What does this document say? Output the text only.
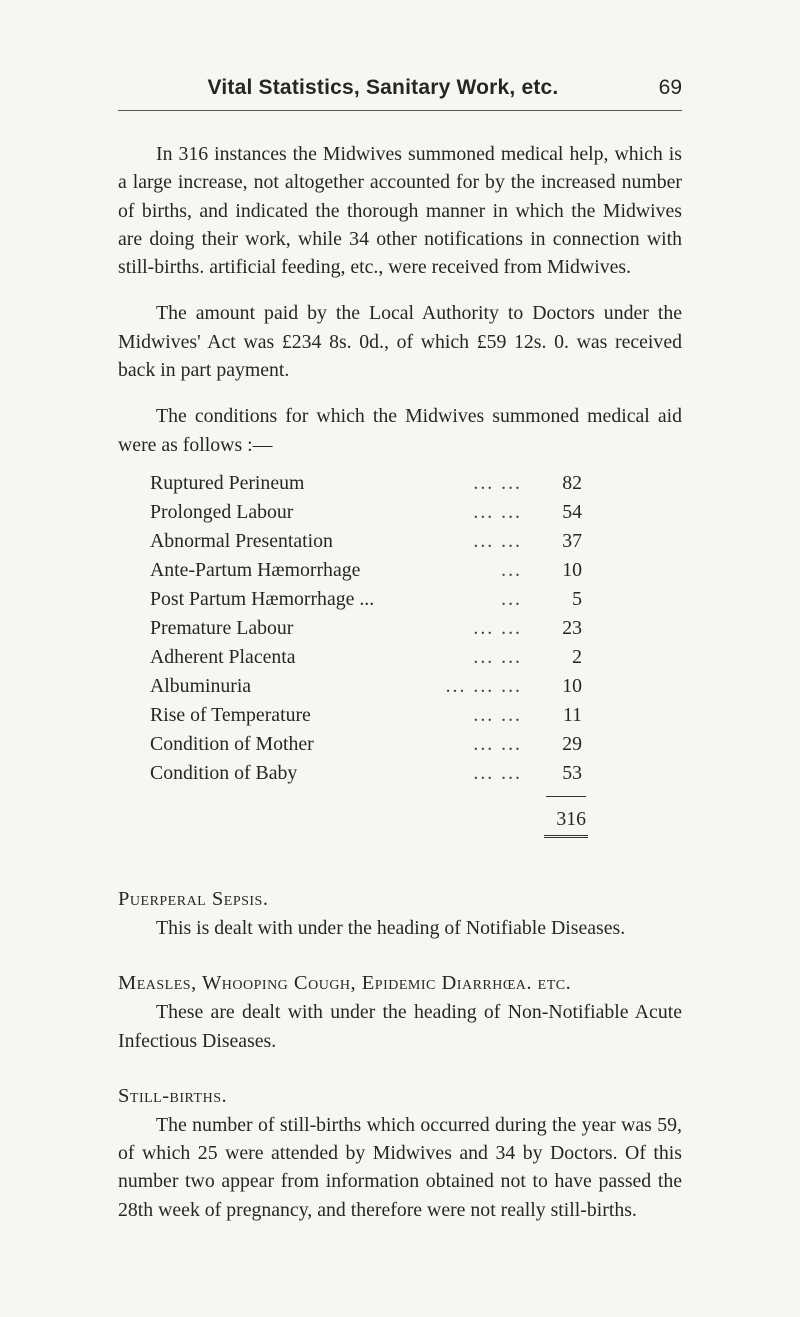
Vital Statistics, Sanitary Work, etc.	69

In 316 instances the Midwives summoned medical help, which is a large increase, not altogether accounted for by the increased number of births, and indicated the thorough manner in which the Midwives are doing their work, while 34 other notifications in connection with still-births. artificial feeding, etc., were received from Midwives.

The amount paid by the Local Authority to Doctors under the Midwives' Act was £234 8s. 0d., of which £59 12s. 0. was received back in part payment.

The conditions for which the Midwives summoned medical aid were as follows :—

Ruptured Perineum	... ...	82
Prolonged Labour	... ...	54
Abnormal Presentation	... ...	37
Ante-Partum Hæmorrhage	...	10
Post Partum Hæmorrhage ...	...	5
Premature Labour	... ...	23
Adherent Placenta	... ...	2
Albuminuria	... ... ...	10
Rise of Temperature	... ...	11
Condition of Mother	... ...	29
Condition of Baby	... ...	53
316
Puerperal Sepsis.

This is dealt with under the heading of Notifiable Diseases.

Measles, Whooping Cough, Epidemic Diarrhœa. etc.

These are dealt with under the heading of Non-Notifiable Acute Infectious Diseases.

Still-births.

The number of still-births which occurred during the year was 59, of which 25 were attended by Midwives and 34 by Doctors. Of this number two appear from information obtained not to have passed the 28th week of pregnancy, and therefore were not really still-births.
